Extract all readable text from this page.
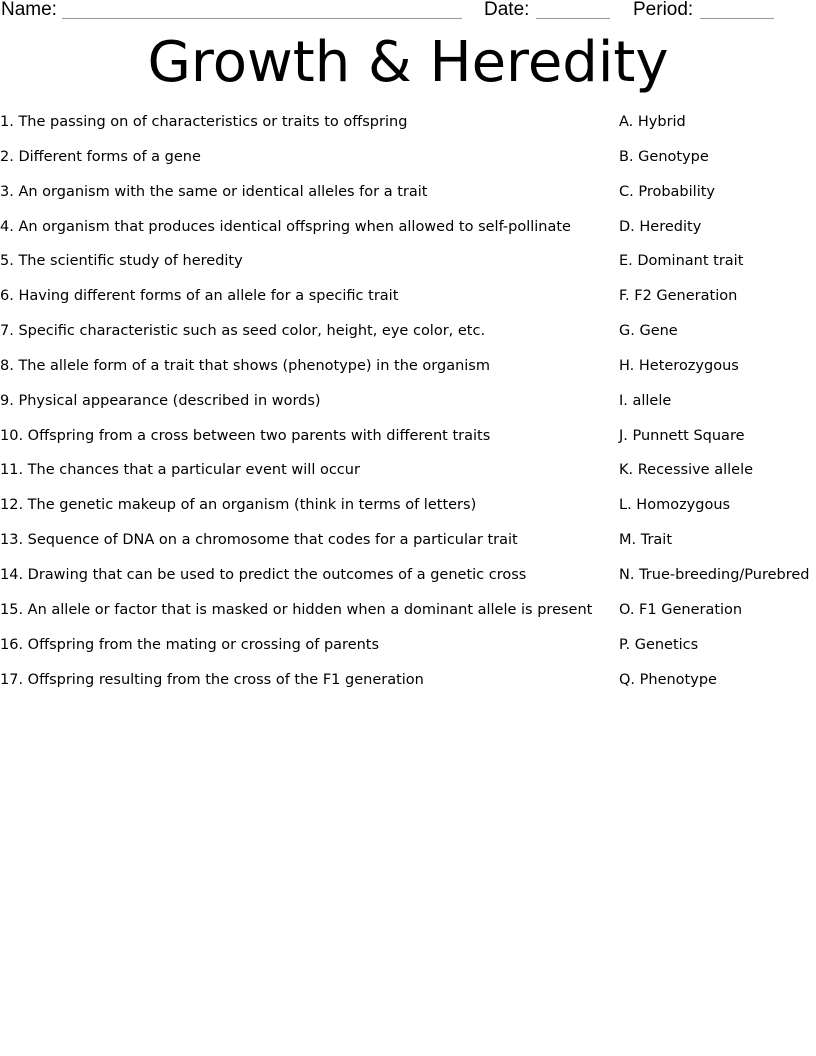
Name:	Date:	Period:
Growth & Heredity
1. The passing on of characteristics or traits to offspring	A. Hybrid
2. Different forms of a gene	B. Genotype
3. An organism with the same or identical alleles for a trait	C. Probability
4. An organism that produces identical offspring when allowed to self-pollinate	D. Heredity
5. The scientific study of heredity	E. Dominant trait
6. Having different forms of an allele for a specific trait	F. F2 Generation
7. Specific characteristic such as seed color, height, eye color, etc.	G. Gene
8. The allele form of a trait that shows (phenotype) in the organism	H. Heterozygous
9. Physical appearance (described in words)	I. allele
10. Offspring from a cross between two parents with different traits	J. Punnett Square
11. The chances that a particular event will occur	K. Recessive allele
12. The genetic makeup of an organism (think in terms of letters)	L. Homozygous
13. Sequence of DNA on a chromosome that codes for a particular trait	M. Trait
14. Drawing that can be used to predict the outcomes of a genetic cross	N. True-breeding/Purebred
15. An allele or factor that is masked or hidden when a dominant allele is present O. F1 Generation
16. Offspring from the mating or crossing of parents	P. Genetics
17. Offspring resulting from the cross of the F1 generation	Q. Phenotype
